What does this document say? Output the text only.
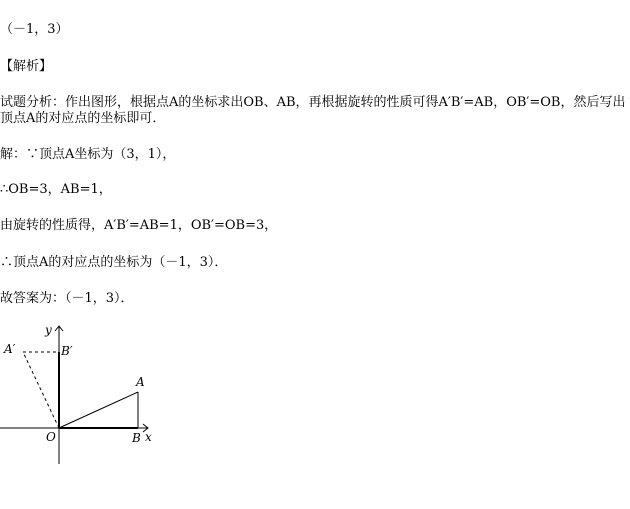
（－1，3）
【解析】
试题分析：作出图形，根据点A的坐标求出OB、AB，再根据旋转的性质可得A′B′=AB，OB′=OB，然后写出顶点A的对应点的坐标即可．
解：∵顶点A坐标为（3，1），
∴OB=3，AB=1，
由旋转的性质得，A′B′=AB=1，OB′=OB=3，
∴顶点A的对应点的坐标为（－1，3）．
故答案为：（－1，3）．
y
x
O
A
B
A′	B′
